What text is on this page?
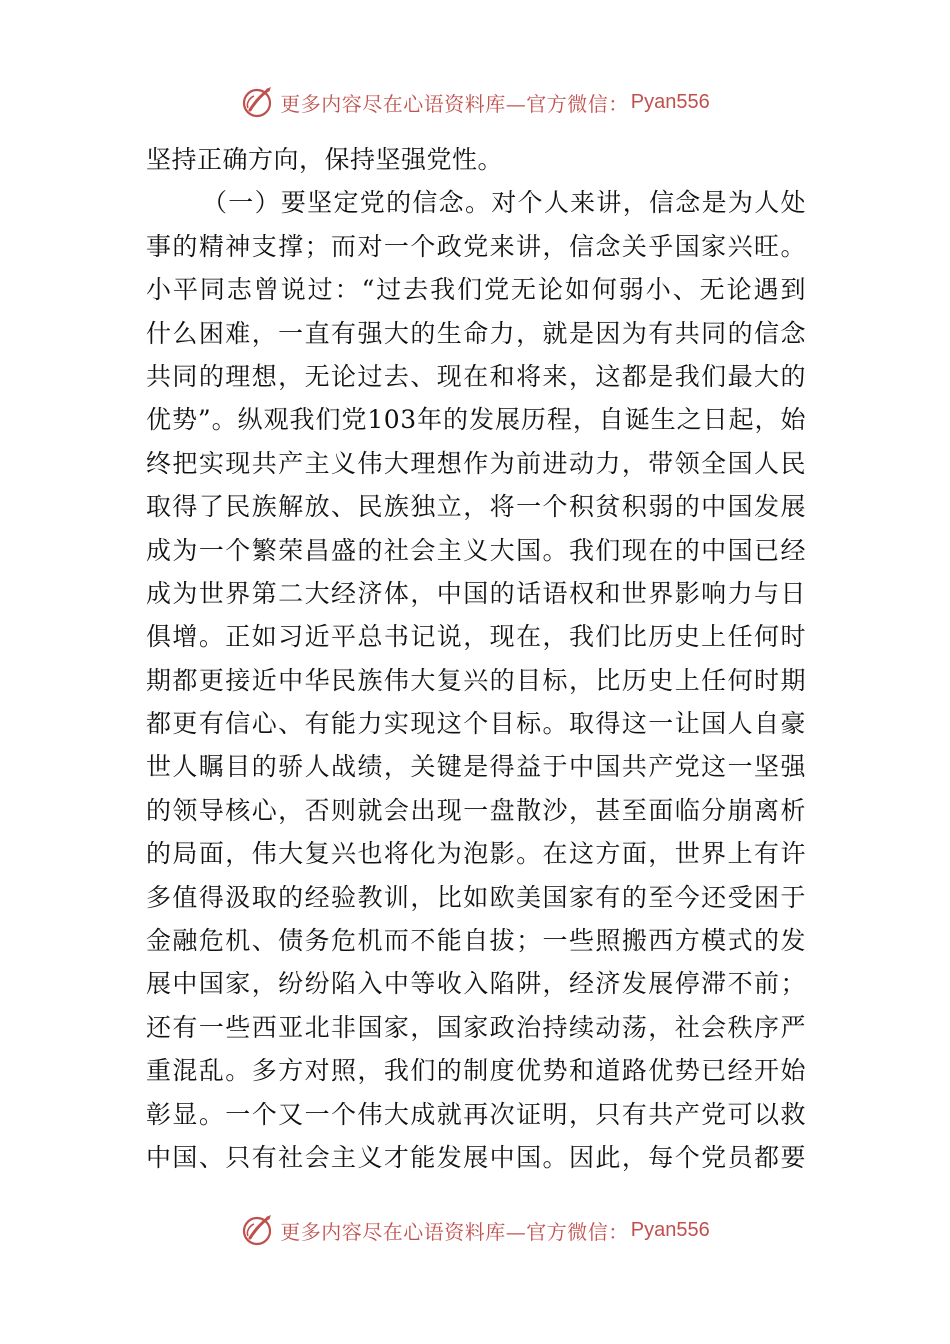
更多内容尽在心语资料库—官方微信： Pyan556
坚持正确方向，保持坚强党性。
（一）要坚定党的信念。对个人来讲，信念是为人处
事的精神支撑；而对一个政党来讲，信念关乎国家兴旺。
小平同志曾说过：“过去我们党无论如何弱小、无论遇到
什么困难，一直有强大的生命力，就是因为有共同的信念
共同的理想，无论过去、现在和将来，这都是我们最大的
优势”。纵观我们党103年的发展历程，自诞生之日起，始
终把实现共产主义伟大理想作为前进动力，带领全国人民
取得了民族解放、民族独立，将一个积贫积弱的中国发展
成为一个繁荣昌盛的社会主义大国。我们现在的中国已经
成为世界第二大经济体，中国的话语权和世界影响力与日
俱增。正如习近平总书记说，现在，我们比历史上任何时
期都更接近中华民族伟大复兴的目标，比历史上任何时期
都更有信心、有能力实现这个目标。取得这一让国人自豪
世人瞩目的骄人战绩，关键是得益于中国共产党这一坚强
的领导核心，否则就会出现一盘散沙，甚至面临分崩离析
的局面，伟大复兴也将化为泡影。在这方面，世界上有许
多值得汲取的经验教训，比如欧美国家有的至今还受困于
金融危机、债务危机而不能自拔；一些照搬西方模式的发
展中国家，纷纷陷入中等收入陷阱，经济发展停滞不前；
还有一些西亚北非国家，国家政治持续动荡，社会秩序严
重混乱。多方对照，我们的制度优势和道路优势已经开始
彰显。一个又一个伟大成就再次证明，只有共产党可以救
中国、只有社会主义才能发展中国。因此，每个党员都要
更多内容尽在心语资料库—官方微信： Pyan556
